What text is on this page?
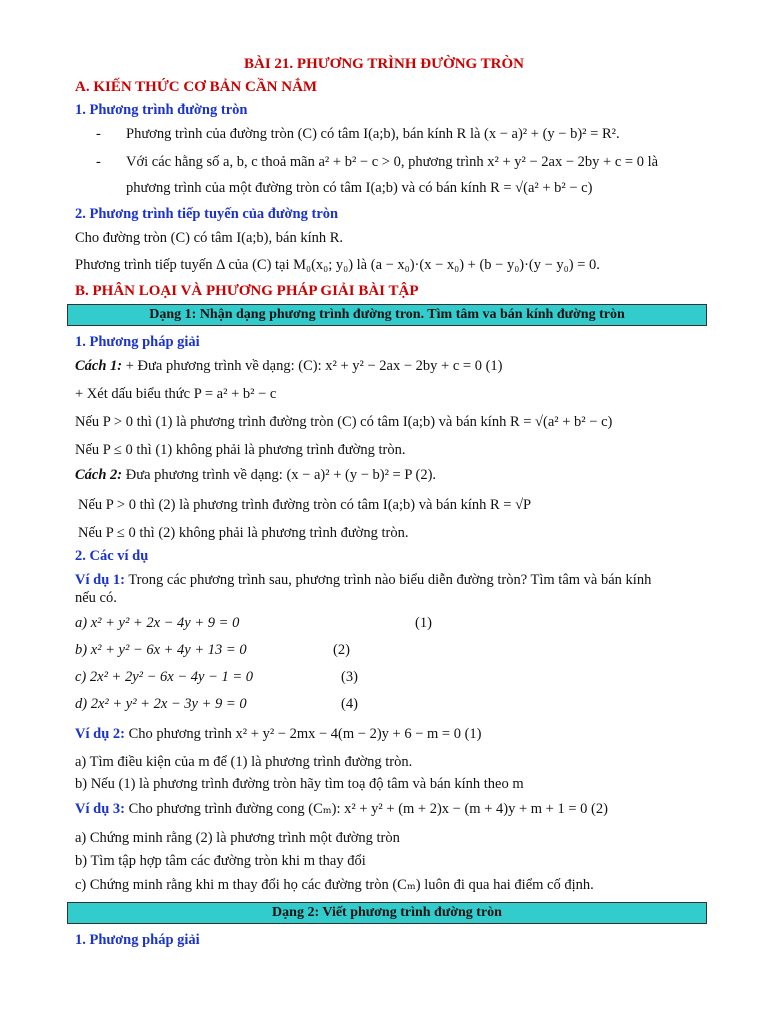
BÀI 21. PHƯƠNG TRÌNH ĐƯỜNG TRÒN
A. KIẾN THỨC CƠ BẢN CẦN NẮM
1. Phương trình đường tròn
- Phương trình của đường tròn (C) có tâm I(a;b), bán kính R là (x − a)² + (y − b)² = R².
- Với các hằng số a, b, c thoả mãn a² + b² − c > 0, phương trình x² + y² − 2ax − 2by + c = 0 là
phương trình của một đường tròn có tâm I(a;b) và có bán kính R = √(a² + b² − c)
2. Phương trình tiếp tuyến của đường tròn
Cho đường tròn (C) có tâm I(a;b), bán kính R.
Phương trình tiếp tuyến Δ của (C) tại M₀(x₀; y₀) là (a − x₀)·(x − x₀) + (b − y₀)·(y − y₀) = 0.
B. PHÂN LOẠI VÀ PHƯƠNG PHÁP GIẢI BÀI TẬP
Dạng 1: Nhận dạng phương trình đường tron. Tìm tâm va bán kính đường tròn
1. Phương pháp giải
Cách 1: + Đưa phương trình về dạng: (C): x² + y² − 2ax − 2by + c = 0 (1)
+ Xét dấu biểu thức P = a² + b² − c
Nếu P > 0 thì (1) là phương trình đường tròn (C) có tâm I(a;b) và bán kính R = √(a² + b² − c)
Nếu P ≤ 0 thì (1) không phải là phương trình đường tròn.
Cách 2: Đưa phương trình về dạng: (x − a)² + (y − b)² = P (2).
Nếu P > 0 thì (2) là phương trình đường tròn có tâm I(a;b) và bán kính R = √P
Nếu P ≤ 0 thì (2) không phải là phương trình đường tròn.
2. Các ví dụ
Ví dụ 1: Trong các phương trình sau, phương trình nào biểu diễn đường tròn? Tìm tâm và bán kính
nếu có.
a) x² + y² + 2x − 4y + 9 = 0	(1)
b) x² + y² − 6x + 4y + 13 = 0	(2)
c) 2x² + 2y² − 6x − 4y − 1 = 0	(3)
d) 2x² + y² + 2x − 3y + 9 = 0	(4)
Ví dụ 2: Cho phương trình x² + y² − 2mx − 4(m − 2)y + 6 − m = 0 (1)
a) Tìm điều kiện của m để (1) là phương trình đường tròn.
b) Nếu (1) là phương trình đường tròn hãy tìm toạ độ tâm và bán kính theo m
Ví dụ 3: Cho phương trình đường cong (Cₘ): x² + y² + (m + 2)x − (m + 4)y + m + 1 = 0 (2)
a) Chứng minh rằng (2) là phương trình một đường tròn
b) Tìm tập hợp tâm các đường tròn khi m thay đổi
c) Chứng minh rằng khi m thay đổi họ các đường tròn (Cₘ) luôn đi qua hai điểm cố định.
Dạng 2: Viết phương trình đường tròn
1. Phương pháp giải
